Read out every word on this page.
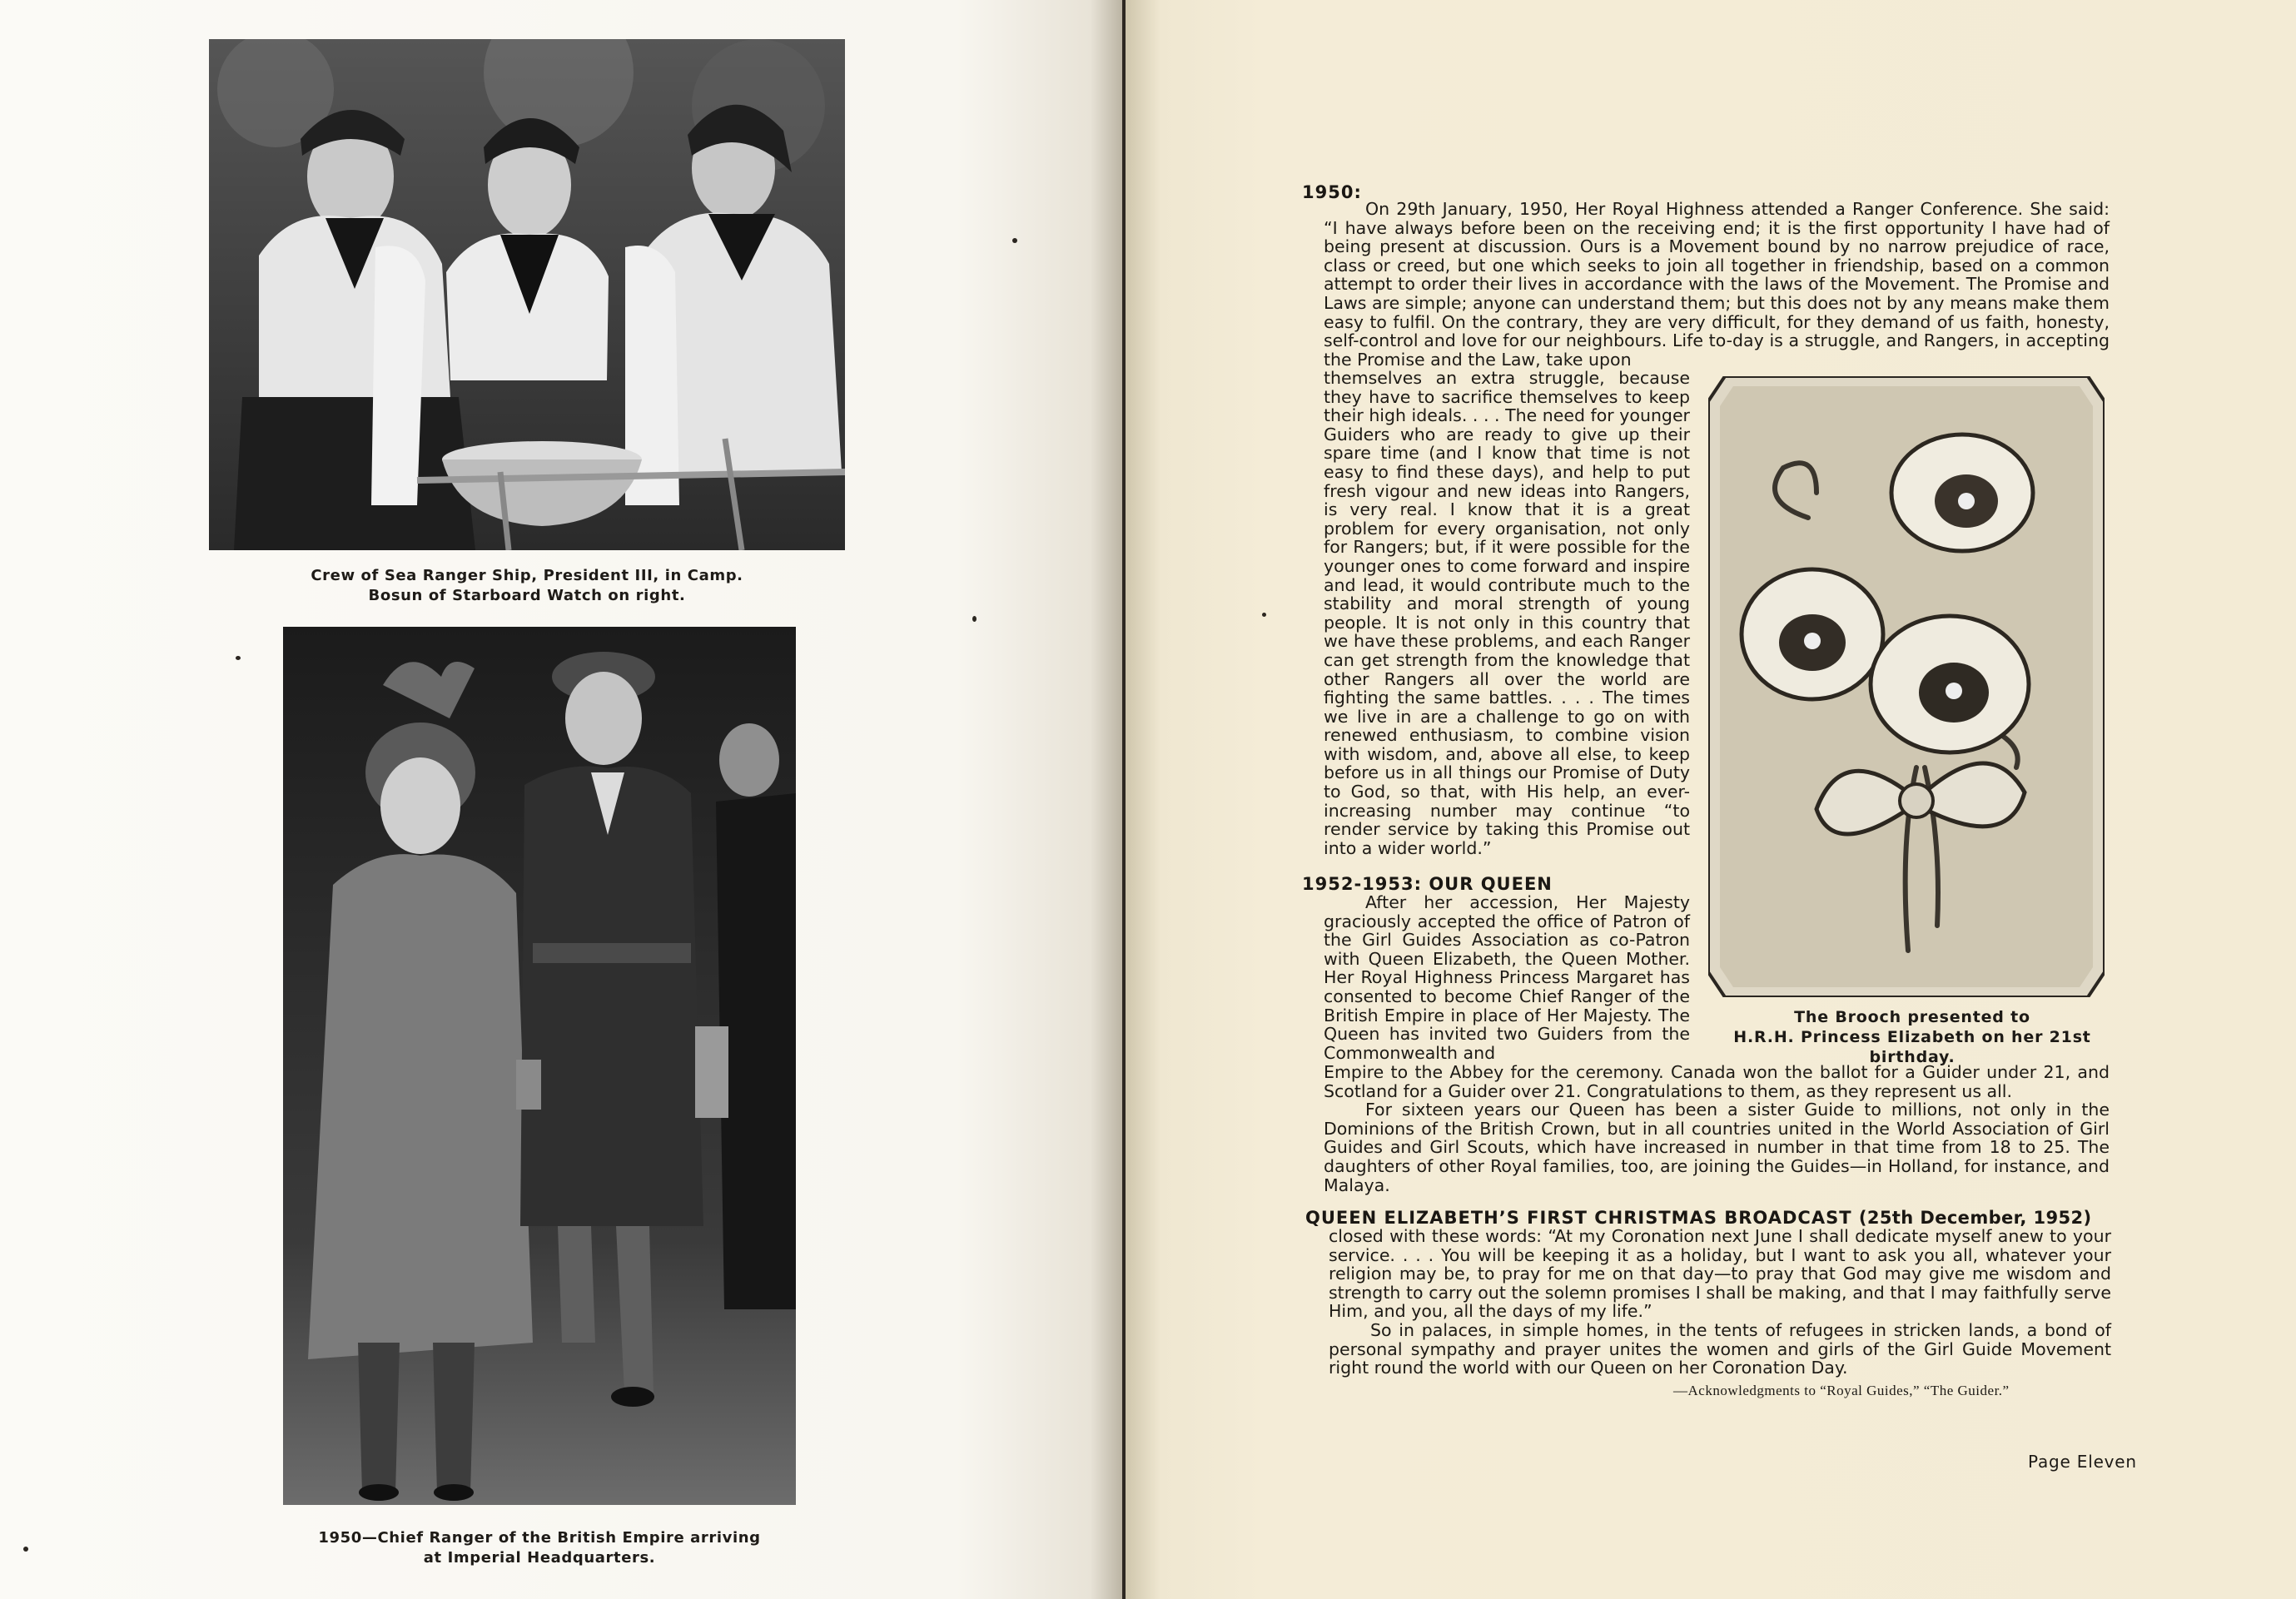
Crew of Sea Ranger Ship, President III, in Camp.
Bosun of Starboard Watch on right.
1950—Chief Ranger of the British Empire arriving
at Imperial Headquarters.
1950:

On 29th January, 1950, Her Royal Highness attended a Ranger Conference. She said: “I have always before been on the receiving end; it is the first opportunity I have had of being present at discussion. Ours is a Movement bound by no narrow prejudice of race, class or creed, but one which seeks to join all together in friendship, based on a common attempt to order their lives in accordance with the laws of the Movement. The Promise and Laws are simple; anyone can understand them; but this does not by any means make them easy to fulfil. On the contrary, they are very difficult, for they demand of us faith, honesty, self-control and love for our neighbours. Life to-day is a struggle, and Rangers, in accepting the Promise and the Law, take upon

themselves an extra struggle, because they have to sacrifice themselves to keep their high ideals. . . . The need for younger Guiders who are ready to give up their spare time (and I know that time is not easy to find these days), and help to put fresh vigour and new ideas into Rangers, is very real. I know that it is a great problem for every organisation, not only for Rangers; but, if it were possible for the younger ones to come forward and inspire and lead, it would contribute much to the stability and moral strength of young people. It is not only in this country that we have these problems, and each Ranger can get strength from the knowledge that other Rangers all over the world are fighting the same battles. . . . The times we live in are a challenge to go on with renewed enthusiasm, to combine vision with wisdom, and, above all else, to keep before us in all things our Promise of Duty to God, so that, with His help, an ever-increasing number may continue “to render service by taking this Promise out into a wider world.”

The Brooch presented to
H.R.H. Princess Elizabeth on her 21st birthday.
1952-1953: OUR QUEEN

After her accession, Her Majesty graciously accepted the office of Patron of the Girl Guides Association as co-Patron with Queen Elizabeth, the Queen Mother. Her Royal Highness Princess Margaret has consented to become Chief Ranger of the British Empire in place of Her Majesty. The Queen has invited two Guiders from the Commonwealth and

Empire to the Abbey for the ceremony. Canada won the ballot for a Guider under 21, and Scotland for a Guider over 21. Congratulations to them, as they represent us all.

For sixteen years our Queen has been a sister Guide to millions, not only in the Dominions of the British Crown, but in all countries united in the World Association of Girl Guides and Girl Scouts, which have increased in number in that time from 18 to 25. The daughters of other Royal families, too, are joining the Guides—in Holland, for instance, and Malaya.

QUEEN ELIZABETH’S FIRST CHRISTMAS BROADCAST (25th December, 1952)

closed with these words: “At my Coronation next June I shall dedicate myself anew to your service. . . . You will be keeping it as a holiday, but I want to ask you all, whatever your religion may be, to pray for me on that day—to pray that God may give me wisdom and strength to carry out the solemn promises I shall be making, and that I may faithfully serve Him, and you, all the days of my life.”

So in palaces, in simple homes, in the tents of refugees in stricken lands, a bond of personal sympathy and prayer unites the women and girls of the Girl Guide Movement right round the world with our Queen on her Coronation Day.

—Acknowledgments to “Royal Guides,” “The Guider.”
Page Eleven
